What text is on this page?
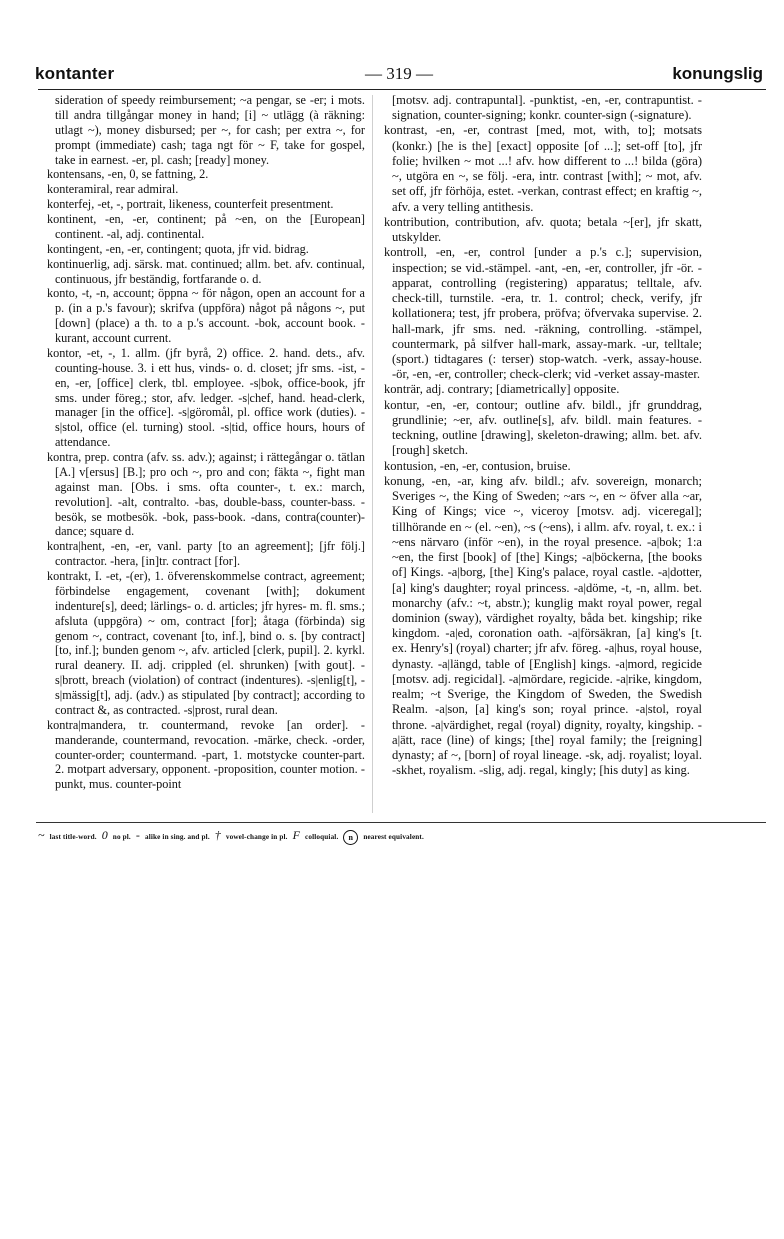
kontanter	— 319 —	konungslig

sideration of speedy reimbursement; ~a pengar, se -er; i mots. till andra tillgångar money in hand; [i] ~ utlägg (à räkning: utlagt ~), money disbursed; per ~, for cash; per extra ~, for prompt (immediate) cash; taga ngt för ~ F, take for gospel, take in earnest. -er, pl. cash; [ready] money.

kontensans, -en, 0, se fattning, 2.

konteramiral, rear admiral.

konterfej, -et, -, portrait, likeness, counterfeit presentment.

kontinent, -en, -er, continent; på ~en, on the [European] continent. -al, adj. continental.

kontingent, -en, -er, contingent; quota, jfr vid. bidrag.

kontinuerlig, adj. särsk. mat. continued; allm. bet. afv. continual, continuous, jfr beständig, fortfarande o. d.

konto, -t, -n, account; öppna ~ för någon, open an account for a p. (in a p.'s favour); skrifva (uppföra) något på någons ~, put [down] (place) a th. to a p.'s account. -bok, account book. -kurant, account current.

kontor, -et, -, 1. allm. (jfr byrå, 2) office. 2. hand. dets., afv. counting-house. 3. i ett hus, vinds- o. d. closet; jfr sms. -ist, -en, -er, [office] clerk, tbl. employee. -s|bok, office-book, jfr sms. under föreg.; stor, afv. ledger. -s|chef, hand. head-clerk, manager [in the office]. -s|göromål, pl. office work (duties). -s|stol, office (el. turning) stool. -s|tid, office hours, hours of attendance.

kontra, prep. contra (afv. ss. adv.); against; i rättegångar o. tätlan [A.] v[ersus] [B.]; pro och ~, pro and con; fäkta ~, fight man against man. [Obs. i sms. ofta counter-, t. ex.: march, revolution]. -alt, contralto. -bas, double-bass, counter-bass. -besök, se motbesök. -bok, pass-book. -dans, contra(counter)-dance; square d.

kontra|hent, -en, -er, vanl. party [to an agreement]; [jfr följ.] contractor. -hera, [in]tr. contract [for].

kontrakt, I. -et, -(er), 1. öfverenskommelse contract, agreement; förbindelse engagement, covenant [with]; dokument indenture[s], deed; lärlings- o. d. articles; jfr hyres- m. fl. sms.; afsluta (uppgöra) ~ om, contract [for]; åtaga (förbinda) sig genom ~, contract, covenant [to, inf.], bind o. s. [by contract] [to, inf.]; bunden genom ~, afv. articled [clerk, pupil]. 2. kyrkl. rural deanery. II. adj. crippled (el. shrunken) [with gout]. -s|brott, breach (violation) of contract (indentures). -s|enlig[t], -s|mässig[t], adj. (adv.) as stipulated [by contract]; according to contract &, as contracted. -s|prost, rural dean.

kontra|mandera, tr. countermand, revoke [an order]. -manderande, countermand, revocation. -märke, check. -order, counter-order; countermand. -part, 1. motstycke counter-part. 2. motpart adversary, opponent. -proposition, counter motion. -punkt, mus. counter-point

[motsv. adj. contrapuntal]. -punktist, -en, -er, contrapuntist. -signation, counter-signing; konkr. counter-sign (-signature).

kontrast, -en, -er, contrast [med, mot, with, to]; motsats (konkr.) [he is the] [exact] opposite [of ...]; set-off [to], jfr folie; hvilken ~ mot ...! afv. how different to ...! bilda (göra) ~, utgöra en ~, se följ. -era, intr. contrast [with]; ~ mot, afv. set off, jfr förhöja, estet. -verkan, contrast effect; en kraftig ~, afv. a very telling antithesis.

kontribution, contribution, afv. quota; betala ~[er], jfr skatt, utskylder.

kontroll, -en, -er, control [under a p.'s c.]; supervision, inspection; se vid.-stämpel. -ant, -en, -er, controller, jfr -ör. -apparat, controlling (registering) apparatus; telltale, afv. check-till, turnstile. -era, tr. 1. control; check, verify, jfr kollationera; test, jfr probera, pröfva; öfvervaka supervise. 2. hall-mark, jfr sms. ned. -räkning, controlling. -stämpel, countermark, på silfver hall-mark, assay-mark. -ur, telltale; (sport.) tidtagares (: terser) stop-watch. -verk, assay-house. -ör, -en, -er, controller; check-clerk; vid -verket assay-master.

konträr, adj. contrary; [diametrically] opposite.

kontur, -en, -er, contour; outline afv. bildl., jfr grunddrag, grundlinie; ~er, afv. outline[s], afv. bildl. main features. -teckning, outline [drawing], skeleton-drawing; allm. bet. afv. [rough] sketch.

kontusion, -en, -er, contusion, bruise.

konung, -en, -ar, king afv. bildl.; afv. sovereign, monarch; Sveriges ~, the King of Sweden; ~ars ~, en ~ öfver alla ~ar, King of Kings; vice ~, viceroy [motsv. adj. viceregal]; tillhörande en ~ (el. ~en), ~s (~ens), i allm. afv. royal, t. ex.: i ~ens närvaro (inför ~en), in the royal presence. -a|bok; 1:a ~en, the first [book] of [the] Kings; -a|böckerna, [the books of] Kings. -a|borg, [the] King's palace, royal castle. -a|dotter, [a] king's daughter; royal princess. -a|döme, -t, -n, allm. bet. monarchy (afv.: ~t, abstr.); kunglig makt royal power, regal dominion (sway), värdighet royalty, båda bet. kingship; rike kingdom. -a|ed, coronation oath. -a|försäkran, [a] king's [t. ex. Henry's] (royal) charter; jfr afv. föreg. -a|hus, royal house, dynasty. -a|längd, table of [English] kings. -a|mord, regicide [motsv. adj. regicidal]. -a|mördare, regicide. -a|rike, kingdom, realm; ~t Sverige, the Kingdom of Sweden, the Swedish Realm. -a|son, [a] king's son; royal prince. -a|stol, royal throne. -a|värdighet, regal (royal) dignity, royalty, kingship. -a|ätt, race (line) of kings; [the] royal family; the [reigning] dynasty; af ~, [born] of royal lineage. -sk, adj. royalist; loyal. -skhet, royalism. -slig, adj. regal, kingly; [his duty] as king.

~ last title-word. 0 no pl. - alike in sing. and pl. † vowel-change in pl. F colloquial. n nearest equivalent.
